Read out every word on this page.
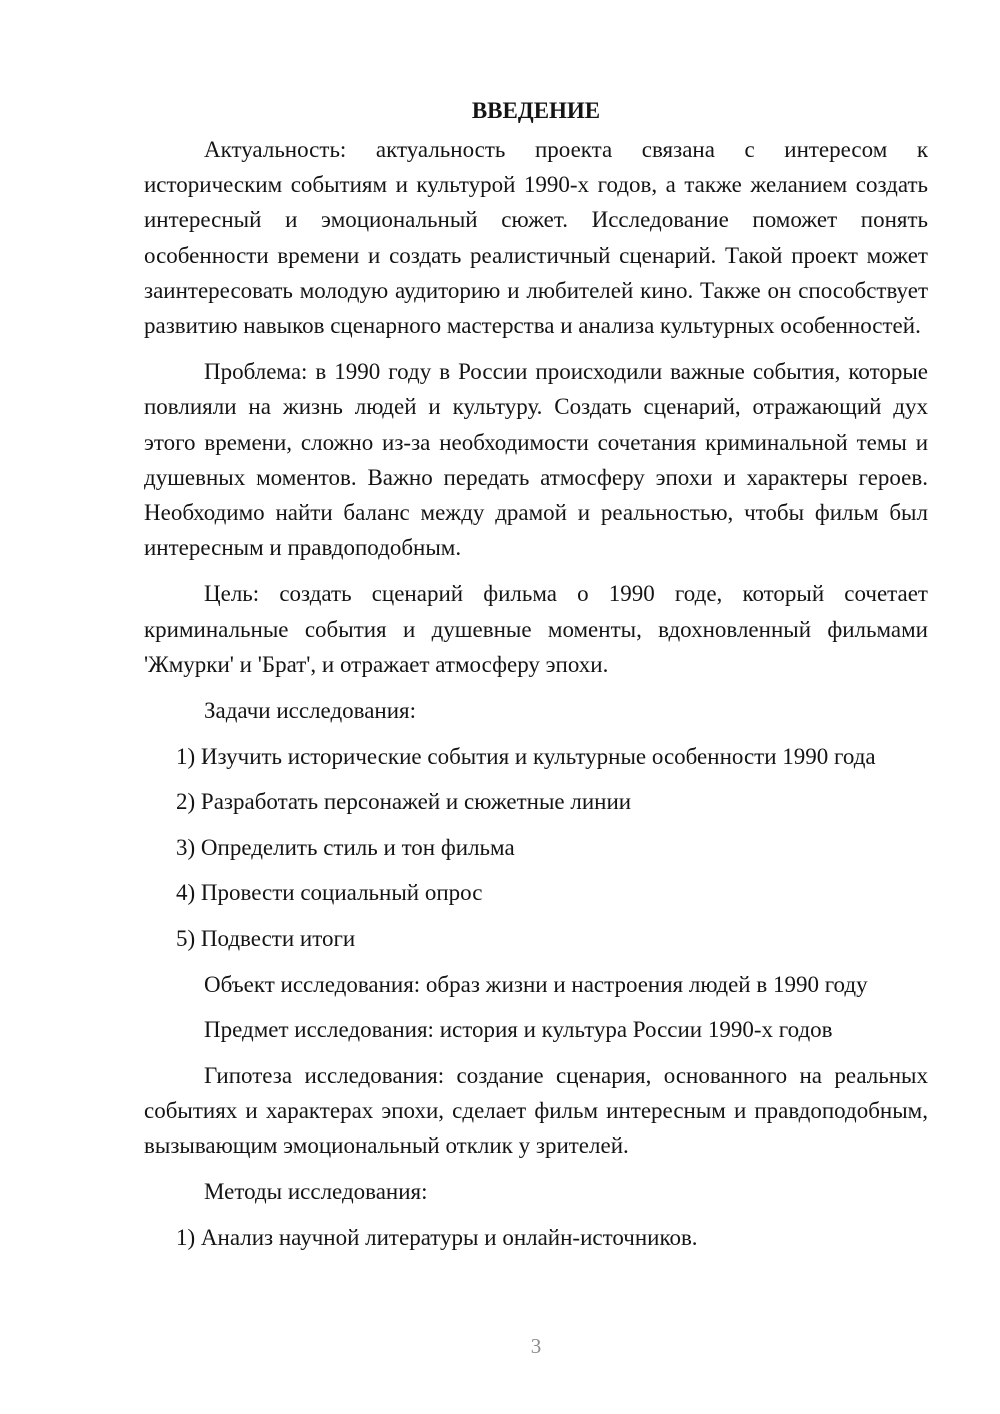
ВВЕДЕНИЕ

Актуальность: актуальность проекта связана с интересом к историческим событиям и культурой 1990-х годов, а также желанием создать интересный и эмоциональный сюжет. Исследование поможет понять особенности времени и создать реалистичный сценарий. Такой проект может заинтересовать молодую аудиторию и любителей кино. Также он способствует развитию навыков сценарного мастерства и анализа культурных особенностей.

Проблема: в 1990 году в России происходили важные события, которые повлияли на жизнь людей и культуру. Создать сценарий, отражающий дух этого времени, сложно из-за необходимости сочетания криминальной темы и душевных моментов. Важно передать атмосферу эпохи и характеры героев. Необходимо найти баланс между драмой и реальностью, чтобы фильм был интересным и правдоподобным.

Цель: создать сценарий фильма о 1990 годе, который сочетает криминальные события и душевные моменты, вдохновленный фильмами 'Жмурки' и 'Брат', и отражает атмосферу эпохи.

Задачи исследования:
1) Изучить исторические события и культурные особенности 1990 года
2) Разработать персонажей и сюжетные линии
3) Определить стиль и тон фильма
4) Провести социальный опрос
5) Подвести итоги
Объект исследования: образ жизни и настроения людей в 1990 году
Предмет исследования: история и культура России 1990-х годов

Гипотеза исследования: создание сценария, основанного на реальных событиях и характерах эпохи, сделает фильм интересным и правдоподобным, вызывающим эмоциональный отклик у зрителей.

Методы исследования:
1) Анализ научной литературы и онлайн-источников.
3
